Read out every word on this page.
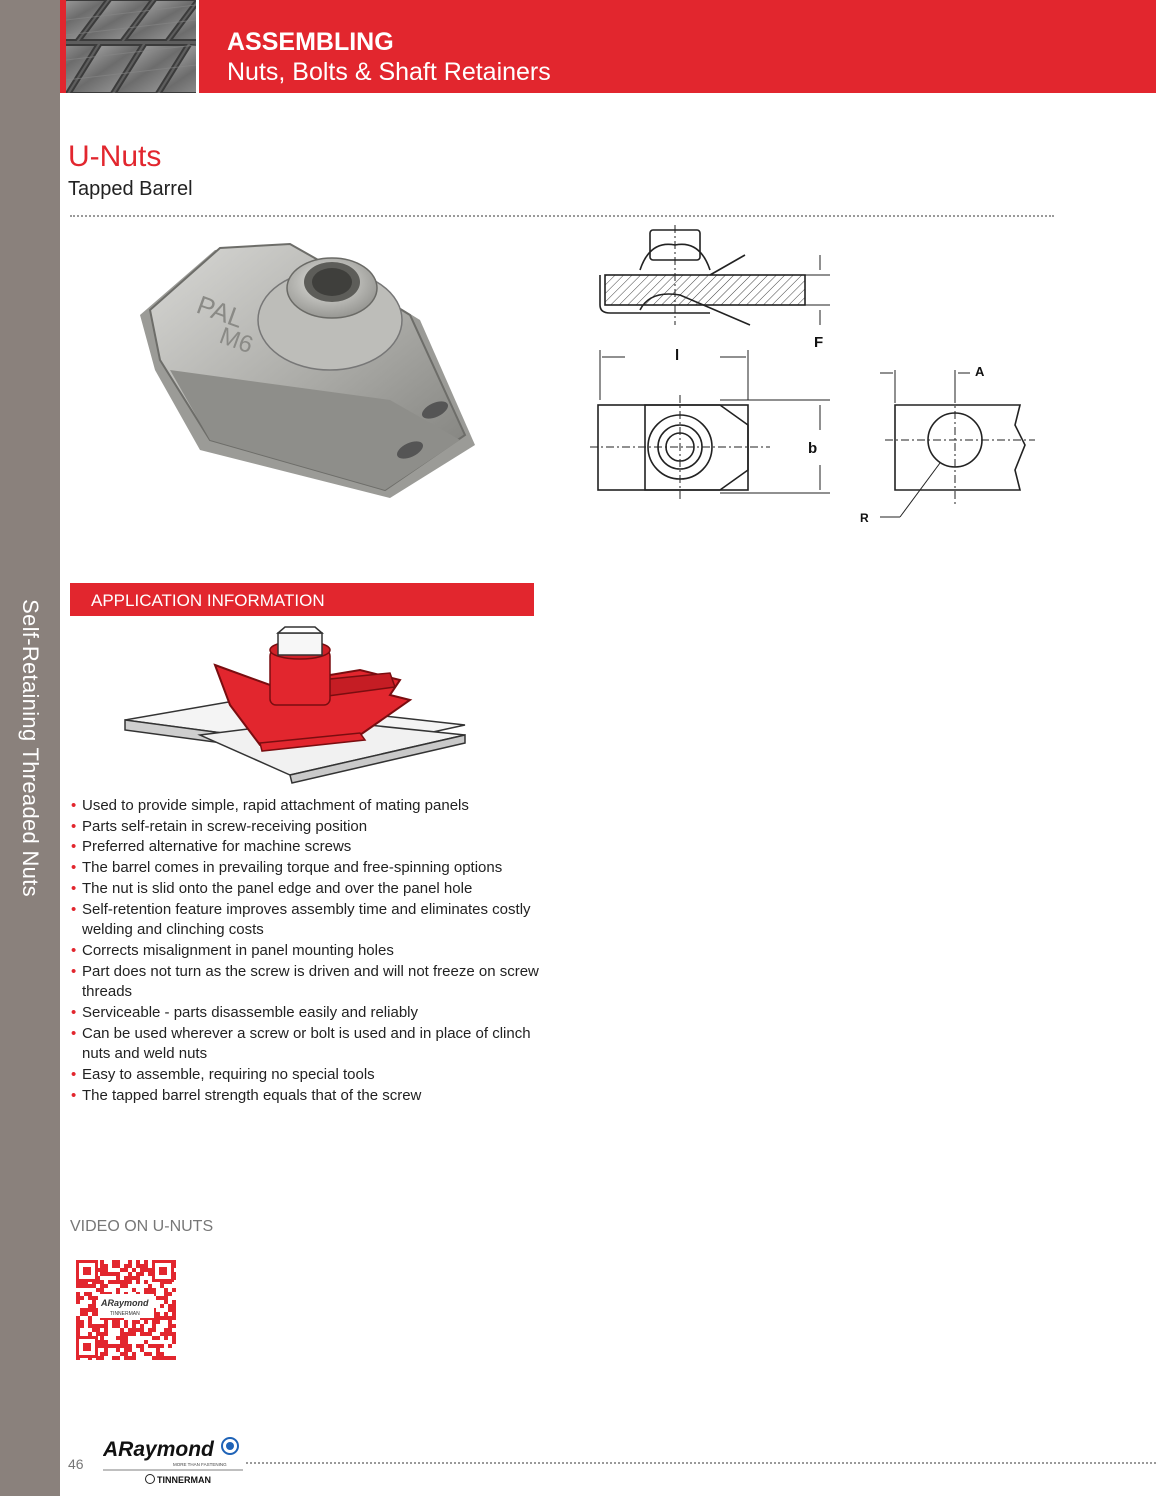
Self-Retaining Threaded Nuts
ASSEMBLING
Nuts, Bolts & Shaft Retainers
U-Nuts
Tapped Barrel
PAL
M6	F
l
b
A
R
APPLICATION INFORMATION
• Used to provide simple, rapid attachment of mating panels
• Parts self-retain in screw-receiving position
• Preferred alternative for machine screws
• The barrel comes in prevailing torque and free-spinning options
• The nut is slid onto the panel edge and over the panel hole
• Self-retention feature improves assembly time and eliminates costly welding and clinching costs
• Corrects misalignment in panel mounting holes
• Part does not turn as the screw is driven and will not freeze on screw threads
• Serviceable - parts disassemble easily and reliably
• Can be used wherever a screw or bolt is used and in place of clinch nuts and weld nuts
• Easy to assemble, requiring no special tools
• The tapped barrel strength equals that of the screw
VIDEO ON U-NUTS
ARaymond
TINNERMAN
46
ARaymond
MORE THAN FASTENING
TINNERMAN
